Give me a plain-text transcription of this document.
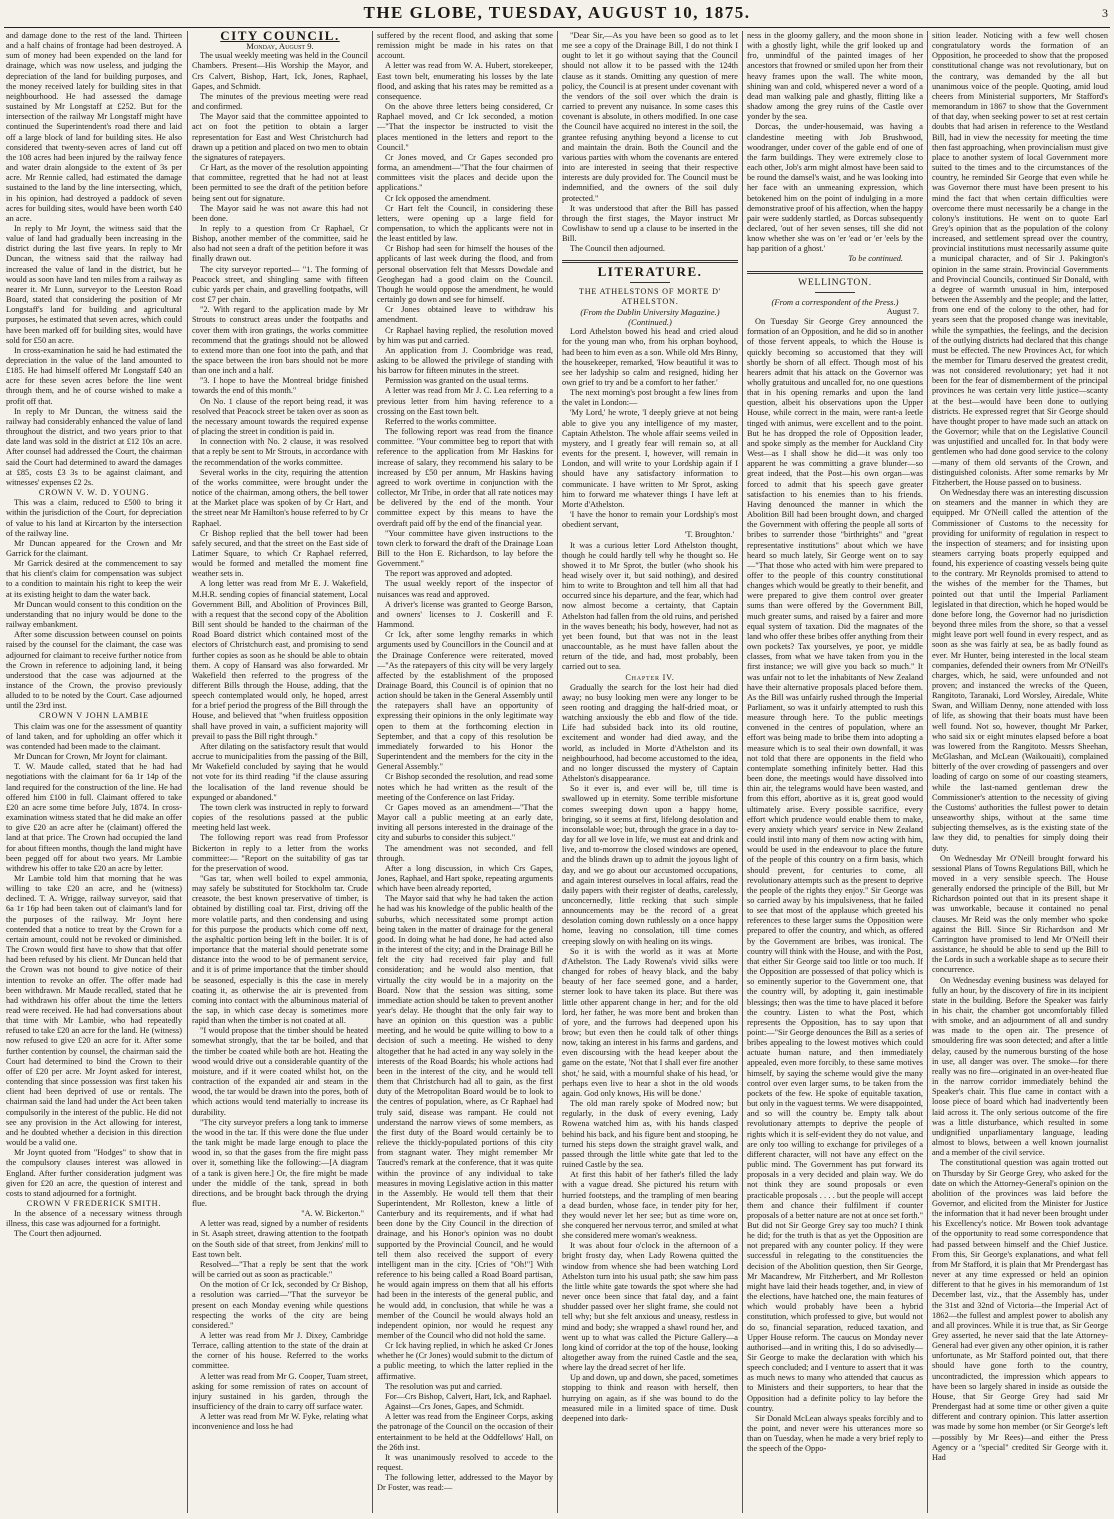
THE GLOBE, TUESDAY, AUGUST 10, 1875.	3

and damage done to the rest of the land. Thirteen and a half chains of frontage had been destroyed. A sum of money had been expended on the land for drainage, which was now useless, and judging the depreciation of the land for building purposes, and the money received lately for building sites in that neighbourhood. He had assessed the damage sustained by Mr Longstaff at £252. But for the intersection of the railway Mr Longstaff might have continued the Superintendent's road there and laid off a large block of land for building sites. He also considered that twenty-seven acres of land cut off the 108 acres had been injured by the railway fence and water drain alongside to the extent of 3s per acre. Mr Rennie called, had estimated the damage sustained to the land by the line intersecting, which, in his opinion, had destroyed a paddock of seven acres for building sites, would have been worth £40 an acre.

In reply to Mr Joynt, the witness said that the value of land had gradually been increasing in the district during the last five years. In reply to Mr Duncan, the witness said that the railway had increased the value of land in the district, but he would as soon have land ten miles from a railway as nearer it. Mr Lunn, surveyor to the Leeston Road Board, stated that considering the position of Mr Longstaff's land for building and agricultural purposes, he estimated that seven acres, which could have been marked off for building sites, would have sold for £50 an acre.

In cross-examination he said he had estimated the depreciation in the value of the land amounted to £185. He had himself offered Mr Longstaff £40 an acre for these seven acres before the line went through them, and he of course wished to make a profit off that.

In reply to Mr Duncan, the witness said the railway had considerably enhanced the value of land throughout the district, and two years prior to that date land was sold in the district at £12 10s an acre. After counsel had addressed the Court, the chairman said the Court had determined to award the damages at £85, costs £3 3s to be against claimant, and witnesses' expenses £2 2s.

CROWN V. W. D. YOUNG.

This was a claim, reduced to £500 to bring it within the jurisdiction of the Court, for depreciation of value to his land at Kircarton by the intersection of the railway line.

Mr Duncan appeared for the Crown and Mr Garrick for the claimant.

Mr Garrick desired at the commencement to say that his client's claim for compensation was subject to a condition to maintain his right to keep the weir at its existing height to dam the water back.

Mr Duncan would consent to this condition on the understanding that no injury would be done to the railway embankment.

After some discussion between counsel on points raised by the counsel for the claimant, the case was adjourned for claimant to receive further notice from the Crown in reference to adjoining land, it being understood that the case was adjourned at the instance of the Crown, the proviso previously alluded to to be noted by the Court. Case adjourned until the 23rd inst.

CROWN V JOHN LAMBIE

This claim was one for the assessment of quantity of land taken, and for upholding an offer which it was contended had been made to the claimant.

Mr Duncan for Crown, Mr Joynt for claimant.

T. W. Maude called, stated that he had had negotiations with the claimant for 6a 1r 14p of the land required for the construction of the line. He had offered him £100 in full. Claimant offered to take £20 an acre some time before July, 1874. In cross-examination witness stated that he did make an offer to give £20 an acre after he (claimant) offered the land at that price. The Crown had occupied the land for about fifteen months, though the land might have been pegged off for about two years. Mr Lambie withdrew his offer to take £20 an acre by letter.

Mr Lambie told him that morning that he was willing to take £20 an acre, and he (witness) declined. T. A. Wrigge, railway surveyor, said that 6a 1r 16p had been taken out of claimant's land for the purposes of the railway. Mr Joynt here contended that a notice to treat by the Crown for a certain amount, could not be revoked or diminished. The Crown would first have to show that that offer had been refused by his client. Mr Duncan held that the Crown was not bound to give notice of their intention to revoke an offer. The offer made had been withdrawn. Mr Maude recalled, stated that he had withdrawn his offer about the time the letters read were received. He had had conversations about that time with Mr Lambie, who had repeatedly refused to take £20 an acre for the land. He (witness) now refused to give £20 an acre for it. After some further contention by counsel, the chairman said the Court had determined to bind the Crown to their offer of £20 per acre. Mr Joynt asked for interest, contending that since possession was first taken his client had been deprived of use or rentals. The chairman said the land had under the Act been taken compulsorily in the interest of the public. He did not see any provision in the Act allowing for interest, and he doubted whether a decision in this direction would be a valid one.

Mr Joynt quoted from "Hodges" to show that in the compulsory clauses interest was allowed in England. After further consideration judgment was given for £20 an acre, the question of interest and costs to stand adjourned for a fortnight.

CROWN V FREDERICK SMITH.

In the absence of a necessary witness through illness, this case was adjourned for a fortnight.

The Court then adjourned.

CITY COUNCIL.

Monday, August 9.

The usual weekly meeting was held in the Council Chambers. Present—His Worship the Mayor, and Crs Calvert, Bishop, Hart, Ick, Jones, Raphael, Gapes, and Schmidt.

The minutes of the previous meeting were read and confirmed.

The Mayor said that the committee appointed to act on foot the petition to obtain a larger representation for East and West Christchurch had drawn up a petition and placed on two men to obtain the signatures of ratepayers.

Cr Hart, as the mover of the resolution appointing that committee, regretted that he had not at least been permitted to see the draft of the petition before being sent out for signature.

The Mayor said he was not aware this had not been done.

In reply to a question from Cr Raphael, Cr Bishop, another member of the committee, said he also had not seen a draft of the petition before it was finally drawn out.

The city surveyor reported— "1. The forming of Peacock street, and shingling same with fifteen cubic yards per chain, and gravelling footpaths, will cost £7 per chain.

"2. With regard to the application made by Mr Strouts to construct areas under the footpaths and cover them with iron gratings, the works committee recommend that the gratings should not be allowed to extend more than one foot into the path, and that the space between the iron bars should not be more than one inch and a half.

"3. I hope to have the Montreal bridge finished towards the end of this month."

On No. 1 clause of the report being read, it was resolved that Peacock street be taken over as soon as the necessary amount towards the required expense of placing the street in condition is paid in.

In connection with No. 2 clause, it was resolved that a reply be sent to Mr Strouts, in accordance with the recommendation of the works committee.

Several works in the city, requiring the attention of the works committee, were brought under the notice of the chairman, among others, the bell tower at the Market place was spoken of by Cr Hart, and the street near Mr Hamilton's house referred to by Cr Raphael.

Cr Bishop replied that the bell tower had been safely secured, and that the street on the East side of Latimer Square, to which Cr Raphael referred, would be formed and metalled the moment fine weather sets in.

A long letter was read from Mr E. J. Wakefield, M.H.R. sending copies of financial statement, Local Government Bill, and Abolition of Provinces Bill, with a request that the second copy of the Abolition Bill sent should be handed to the chairman of the Road Board district which contained most of the electors of Christchurch east, and promising to send further copies as soon as he should be able to obtain them. A copy of Hansard was also forwarded. Mr Wakefield then referred to the progress of the different Bills through the House, adding, that the speech contemplated would only, he hoped, arrest for a brief period the progress of the Bill through the House, and believed that "when fruitless opposition shall have proved in vain, a sufficient majority will prevail to pass the Bill right through."

After dilating on the satisfactory result that would accrue to municipalities from the passing of the Bill, Mr Wakefield concluded by saying that he would not vote for its third reading "if the clause assuring the localisation of the land revenue should be expunged or abandoned."

The town clerk was instructed in reply to forward copies of the resolutions passed at the public meeting held last week.

The following report was read from Professor Bickerton in reply to a letter from the works committee:— "Report on the suitability of gas tar for the preservation of wood.

"Gas tar, when well boiled to expel ammonia, may safely be substituted for Stockholm tar. Crude creasote, the best known preservative of timber, is obtained by distilling coal tar. First, driving off the more volatile parts, and then condensing and using for this purpose the products which come off next, the asphaltic portion being left in the boiler. It is of importance that the material should penetrate some distance into the wood to be of permanent service, and it is of prime importance that the timber should be seasoned, especially is this the case in merely coating it, as otherwise the air is prevented from coming into contact with the albuminous material of the sap, in which case decay is sometimes more rapid than when the timber is not coated at all.

"I would propose that the timber should be heated somewhat strongly, that the tar be boiled, and that the timber be coated while both are hot. Heating the wood would drive out a considerable quantity of the moisture, and if it were coated whilst hot, on the contraction of the expanded air and steam in the wood, the tar would be drawn into the pores, both of which actions would tend materially to increase its durability.

"The city surveyor prefers a long tank to immerse the wood in the tar. If this were done the flue under the tank might be made large enough to place the wood in, so that the gases from the fire might pass over it, something like the following:—[A diagram of a tank is given here.] Or, the fire might be made under the middle of the tank, spread in both directions, and be brought back through the drying flue.

"A. W. Bickerton."

A letter was read, signed by a number of residents in St. Asaph street, drawing attention to the footpath on the South side of that street, from Jenkins' mill to East town belt.

Resolved—"That a reply be sent that the work will be carried out as soon as practicable."

On the motion of Cr Ick, seconded by Cr Bishop, a resolution was carried—"That the surveyor be present on each Monday evening while questions respecting the works of the city are being considered."

A letter was read from Mr J. Dixey, Cambridge Terrace, calling attention to the state of the drain at the corner of his house. Referred to the works committee.

A letter was read from Mr G. Cooper, Tuam street, asking for some remission of rates on account of injury sustained in his garden, through the insufficiency of the drain to carry off surface water.

A letter was read from Mr W. Fyke, relating what inconvenience and loss he had

suffered by the recent flood, and asking that some remission might be made in his rates on that account.

A letter was read from W. A. Hubert, storekeeper, East town belt, enumerating his losses by the late flood, and asking that his rates may be remitted as a consequence.

On the above three letters being considered, Cr Raphael moved, and Cr Ick seconded, a motion—"That the inspector be instructed to visit the places mentioned in the letters and report to the Council."

Cr Jones moved, and Cr Gapes seconded pro forma, an amendment—"That the four chairmen of committees visit the places and decide upon the applications."

Cr Ick opposed the amendment.

Cr Hart felt the Council, in considering these letters, were opening up a large field for compensation, to which the applicants were not in the least entitled by law.

Cr Bishop had seen for himself the houses of the applicants of last week during the flood, and from personal observation felt that Messrs Dowdale and Geoghegan had a good claim on the Council. Though he would oppose the amendment, he would certainly go down and see for himself.

Cr Jones obtained leave to withdraw his amendment.

Cr Raphael having replied, the resolution moved by him was put and carried.

An application from J. Coombridge was read, asking to be allowed the privilege of standing with his barrow for fifteen minutes in the street.

Permission was granted on the usual terms.

A letter was read from Mr J. C. Lea referring to a previous letter from him having reference to a crossing on the East town belt.

Referred to the works committee.

The following report was read from the finance committee. "Your committee beg to report that with reference to the application from Mr Haskins for increase of salary, they recommend his salary to be increased by £50 per annum, Mr Haskins having agreed to work overtime in conjunction with the collector, Mr Tribe, in order that all rate notices may be delivered by the end of the month. Your committee expect by this means to have the overdraft paid off by the end of the financial year.

"Your committee have given instructions to the town clerk to forward the draft of the Drainage Loan Bill to the Hon E. Richardson, to lay before the Government."

The report was approved and adopted.

The usual weekly report of the inspector of nuisances was read and approved.

A driver's license was granted to George Barson, and owners' licenses to J. Coskerill and F. Hammond.

Cr Ick, after some lengthy remarks in which arguments used by Councillors in the Council and at the Drainage Conference were reiterated, moved—"As the ratepayers of this city will be very largely affected by the establishment of the proposed Drainage Board, this Council is of opinion that no action should be taken in the General Assembly until the ratepayers shall have an opportunity of expressing their opinions in the only legitimate way open to them at the forthcoming election in September, and that a copy of this resolution be immediately forwarded to his Honor the Superintendent and the members for the city in the General Assembly."

Cr Bishop seconded the resolution, and read some notes which he had written as the result of the meeting of the Conference on last Friday.

Cr Gapes moved as an amendment—"That the Mayor call a public meeting at an early date, inviting all persons interested in the drainage of the city and suburbs to consider this subject."

The amendment was not seconded, and fell through.

After a long discussion, in which Crs Gapes, Jones, Raphael, and Hart spoke, repeating arguments which have been already reported,

The Mayor said that why he had taken the action he had was his knowledge of the public health of the suburbs, which necessitated some prompt action being taken in the matter of drainage for the general good. In doing what he had done, he had acted also in the interest of the city; and in the Drainage Bill he felt the city had received fair play and full consideration; and he would also mention, that virtually the city would be in a majority on the Board. Now that the session was sitting, some immediate action should be taken to prevent another year's delay. He thought that the only fair way to have an opinion on this question was a public meeting, and he would be quite willing to bow to a decision of such a meeting. He wished to deny altogether that he had acted in any way solely in the interests of the Road Boards; his whole actions had been in the interest of the city, and he would tell them that Christchurch had all to gain, as the first duty of the Metropolitan Board would be to look to the centres of population, where, as Cr Raphael had truly said, disease was rampant. He could not understand the narrow views of some members, as the first duty of the Board would certainly be to relieve the thickly-populated portions of this city from stagnant water. They might remember Mr Taucred's remark at the conference, that it was quite within the province of any individual to take measures in moving Legislative action in this matter in the Assembly. He would tell them that their Superintendent, Mr Rolleston, knew a little of Canterbury and its requirements, and if what had been done by the City Council in the direction of drainage, and his Honor's opinion was no doubt supported by the Provincial Council, and he would tell them also received the support of every intelligent man in the city. [Cries of "Oh!"] With reference to his being called a Road Board partisan, he would again impress on them that all his efforts had been in the interests of the general public, and he would add, in conclusion, that while he was a member of the Council he would always hold an independent opinion, nor would he request any member of the Council who did not hold the same.

Cr Ick having replied, in which he asked Cr Jones whether he (Cr Jones) would submit to the dictum of a public meeting, to which the latter replied in the affirmative.

The resolution was put and carried.

For—Crs Bishop, Calvert, Hart, Ick, and Raphael.

Against—Crs Jones, Gapes, and Schmidt.

A letter was read from the Engineer Corps, asking the patronage of the Council on the occasion of their entertainment to be held at the Oddfellows' Hall, on the 26th inst.

It was unanimously resolved to accede to the request.

The following letter, addressed to the Mayor by Dr Foster, was read:—

"Dear Sir,—As you have been so good as to let me see a copy of the Drainage Bill, I do not think I ought to let it go without saying that the Council should not allow it to be passed with the 124th clause as it stands. Omitting any question of mere policy, the Council is at present under covenant with the vendors of the soil over which the drain is carried to prevent any nuisance. In some cases this covenant is absolute, in others modified. In one case the Council have acquired no interest in the soil, the grantee refusing anything beyond a license to cut and maintain the drain. Both the Council and the various parties with whom the covenants are entered into are interested in seeing that their respective interests are duly provided for. The Council must be indemnified, and the owners of the soil duly protected."

It was understood that after the Bill has passed through the first stages, the Mayor instruct Mr Cowlishaw to send up a clause to be inserted in the Bill.

The Council then adjourned.

LITERATURE.

THE ATHELSTONS OF MORTE D' ATHELSTON.

(From the Dublin University Magazine.)

(Continued.)

Lord Athelston bowed his head and cried aloud for the young man who, from his orphan boyhood, had been to him even as a son. While old Mrs Binny, the housekeeper, remarked, 'How beautiful it was to see her ladyship so calm and resigned, hiding her own grief to try and be a comfort to her father.'

The next morning's post brought a few lines from the valet in London:—

'My Lord,' he wrote, 'I deeply grieve at not being able to give you any intelligence of my master, Captain Athelston. The whole affair seems veiled in mystery, and I greatly fear will remain so, at all events for the present. I, however, will remain in London, and will write to your Lordship again if I should have any satisfactory information to communicate. I have written to Mr Sprot, asking him to forward me whatever things I have left at Morte d'Athelston.

'I have the honor to remain your Lordship's most obedient servant,

'T. Broughton.'

It was a curious letter Lord Athelston thought, though he could hardly tell why he thought so. He showed it to Mr Sprot, the butler (who shook his head wisely over it, but said nothing), and desired him to write to Broughton and tell him all that had occurred since his departure, and the fear, which had now almost become a certainty, that Captain Athelston had fallen from the old ruins, and perished in the waves beneath; his body, however, had not as yet been found, but that was not in the least unaccountable, as he must have fallen about the return of the tide, and had, most probably, been carried out to sea.

Chapter IV.

Gradually the search for the lost heir had died away; no busy looking men were any longer to be seen rooting and dragging the half-dried moat, or watching anxiously the ebb and flow of the tide. Life had subsided back into its old routine, excitement and wonder had died away, and the world, as included in Morte d'Athelston and its neighbourhood, had become accustomed to the idea, and no longer discussed the mystery of Captain Athelston's disappearance.

So it ever is, and ever will be, till time is swallowed up in eternity. Some terrible misfortune comes sweeping down upon a happy home, bringing, so it seems at first, lifelong desolation and inconsolable woe; but, through the grace in a day to-day for all we love in life, we must eat and drink and live, and to-morrow the closed windows are opened, and the blinds drawn up to admit the joyous light of day, and we go about our accustomed occupations, and again interest ourselves in local affairs, read the daily papers with their register of deaths, carelessly, unconcernedly, little recking that such simple announcements may be the record of a great desolation coming down ruthlessly on a once happy home, leaving no consolation, till time comes creeping slowly on with healing on its wings.

So it is with the world as it was at Morte d'Athelston. The Lady Rowena's vivid silks were changed for robes of heavy black, and the baby beauty of her face seemed gone, and a harder, sterner look to have taken its place. But there was little other apparent change in her; and for the old lord, her father, he was more bent and broken than of yore, and the furrows had deepened upon his brow; but even then he could talk of other things now, taking an interest in his farms and gardens, and even discoursing with the head keeper about the game on the estate, 'Not that I shall ever fire another shot,' he said, with a mournful shake of his head, 'or perhaps even live to hear a shot in the old woods again. God only knows, His will be done.'

The old man rarely spoke of Modred now; but regularly, in the dusk of every evening, Lady Rowena watched him as, with his hands clasped behind his back, and his figure bent and stooping, he turned his steps down the straight gravel walk, and passed through the little white gate that led to the ruined Castle by the sea.

At first this habit of her father's filled the lady with a vague dread. She pictured his return with hurried footsteps, and the trampling of men bearing a dead burden, whose face, in tender pity for her, they would never let her see; but as time wore on, she conquered her nervous terror, and smiled at what she considered mere woman's weakness.

It was about four o'clock in the afternoon of a bright frosty day, when Lady Rowena quitted the window from whence she had been watching Lord Athelston turn into his usual path; she saw him pass the little white gate towards the spot where she had never once been since that fatal day, and a faint shudder passed over her slight frame, she could not tell why; but she felt anxious and uneasy, restless in mind and body; she wrapped a shawl round her, and went up to what was called the Picture Gallery—a long kind of corridor at the top of the house, looking altogether away from the ruined Castle and the sea, where lay the dread secret of her life.

Up and down, up and down, she paced, sometimes stopping to think and reason with herself, then hurrying on again, as if she was bound to do the measured mile in a limited space of time. Dusk deepened into dark-

ness in the gloomy gallery, and the moon shone in with a ghostly light, while the grif looked up and fro, unmindful of the painted images of her ancestors that frowned or smiled upon her from their heavy frames upon the wall. The white moon, shining wan and cold, whispered never a word of a dead man walking pale and ghastly, flitting like a shadow among the grey ruins of the Castle over yonder by the sea.

Dorcas, the under-housemaid, was having a clandestine meeting with Job Brushwood, woodranger, under cover of the gable end of one of the farm buildings. They were extremely close to each other, Job's arm might almost have been said to be round the damsel's waist, and he was looking into her face with an unmeaning expression, which betokened him on the point of indulging in a more demonstrative proof of his affection, when the happy pair were suddenly startled, as Dorcas subsequently declared, 'out of her seven senses, till she did not know whether she was on 'er 'ead or 'er 'eels by the hap parition of a ghost.'

To be continued.

WELLINGTON.

(From a correspondent of the Press.)

August 7.

On Tuesday Sir George Grey announced the formation of an Opposition, and he did so in another of those fervent appeals, to which the House is quickly becoming so accustomed that they will shortly be shorn of all effect. Though most of his hearers admit that his attack on the Governor was wholly gratuitous and uncalled for, no one questions that in his opening remarks and upon the land question, albeit his observations upon the Upper House, while correct in the main, were rant-a leetle tinged with animus, were excellent and to the point. But he has dropped the role of Opposition leader, and spoke simply as the member for Auckland City West—as I shall show he did—it was only too apparent he was committing a grave blunder—so great indeed, that the Post—his own organ—was forced to admit that his speech gave greater satisfaction to his enemies than to his friends. Having denounced the manner in which the Abolition Bill had been brought down, and charged the Government with offering the people all sorts of bribes to surrender those "birthrights" and "great representative institutions" about which we have heard so much lately, Sir George went on to say—"That those who acted with him were prepared to offer to the people of this country constitutional changes which would be greatly to their benefit, and were prepared to give them control over greater sums than were offered by the Government Bill, much greater sums, and raised by a fairer and more equal system of taxation. Did the magnates of the land who offer these bribes offer anything from their own pockets? Tax yourselves, ye poor, ye middle classes, from what we have taken from you in the first instance; we will give you back so much." It was unfair not to let the inhabitants of New Zealand have their alternative proposals placed before them. As the Bill was unfairly rushed through the Imperial Parliament, so was it unfairly attempted to rush this measure through here. To the public meetings convened in the centres of population, where an effort was being made to bribe them into adopting a measure which is to seal their own downfall, it was not told that there are opponents in the field who contemplate something infinitely better. Had this been done, the meetings would have dissolved into thin air, the telegrams would have been wasted, and from this effort, abortive as it is, great good would ultimately arise. Every possible sacrifice, every effort which prudence would enable them to make, every anxiety which years' service in New Zealand could instil into many of them now acting with him, would be used in the endeavour to place the future of the people of this country on a firm basis, which should prevent, for centuries to come, all revolutionary attempts such as the present to deprive the people of the rights they enjoy." Sir George was so carried away by his impulsiveness, that he failed to see that most of the applause which greeted his references to these larger sums the Opposition were prepared to offer the country, and which, as offered by the Government are bribes, was ironical. The country will think with the House, and with the Post, that either Sir George said too little or too much. If the Opposition are possessed of that policy which is so eminently superior to the Government one, that the country will, by adopting it, gain inestimable blessings; then was the time to have placed it before the country. Listen to what the Post, which represents the Opposition, has to say upon that point:—"Sir George denounces the Bill as a series of bribes appealing to the lowest motives which could actuate human nature, and then immediately appealed, even more forcibly, to these same motives himself, by saying the scheme would give the many control over even larger sums, to be taken from the pockets of the few. He spoke of equitable taxation, but only in the vaguest terms. We were disappointed, and so will the country be. Empty talk about revolutionary attempts to deprive the people of rights which it is self-evident they do not value, and are only too willing to exchange for privileges of a different character, will not have any effect on the public mind. The Government has put forward its proposals in a very decided and plain way. We do not think they are sound proposals or even practicable proposals . . . . but the people will accept them and chance their fulfilment if counter proposals of a better nature are not at once set forth." But did not Sir George Grey say too much? I think he did; for the truth is that as yet the Opposition are not prepared with any counter policy. If they were successful in relegating to the constituencies the decision of the Abolition question, then Sir George, Mr Macandrew, Mr Fitzherbert, and Mr Rolleston might have laid their heads together, and, in view of the elections, have hatched one, the main features of which would probably have been a hybrid constitution, which professed to give, but would not do so, financial separation, reduced taxation, and Upper House reform. The caucus on Monday never authorised—and in writing this, I do so advisedly—Sir George to make the declaration with which his speech concluded; and I venture to assert that it was as much news to many who attended that caucus as to Ministers and their supporters, to hear that the Opposition had a definite policy to lay before the country.

Sir Donald McLean always speaks forcibly and to the point, and never were his utterances more so than on Tuesday, when he made a very brief reply to the speech of the Oppo-

sition leader. Noticing with a few well chosen congratulatory words the formation of an Opposition, he proceeded to show that the proposed constitutional change was not revolutionary, but on the contrary, was demanded by the all but unanimous voice of the people. Quoting, amid loud cheers from Ministerial supporters, Mr Stafford's memorandum in 1867 to show that the Government of that day, when seeking power to set at rest certain doubts that had arisen in reference to the Westland Bill, had in view the necessity for meeting the time then fast approaching, when provincialism must give place to another system of local Government more suited to the times and to the circumstances of the country, he reminded Sir George that even while he was Governor there must have been present to his mind the fact that when certain difficulties were overcome there must necessarily be a change in the colony's institutions. He went on to quote Earl Grey's opinion that as the population of the colony increased, and settlement spread over the country, provincial institutions must necessarily assume quite a municipal character, and of Sir J. Pakington's opinion in the same strain. Provincial Governments and Provincial Councils, continued Sir Donald, with a degree of warmth unusual in him, interposed between the Assembly and the people; and the latter, from one end of the colony to the other, had for years seen that the proposed change was inevitable, while the sympathies, the feelings, and the decision of the outlying districts had declared that this change must be effected. The new Provinces Act, for which the member for Timaru deserved the greatest credit, was not considered revolutionary; yet had it not been for the fear of dismemberment of the principal provinces he was certain very little justice—scanty at the best—would have been done to outlying districts. He expressed regret that Sir George should have thought proper to have made such an attack on the Governor; while that on the Legislative Council was unjustified and uncalled for. In that body were gentlemen who had done good service to the colony—many of them old servants of the Crown, and distinguished colonists. After some remarks by Mr Fitzherbert, the House passed on to business.

On Wednesday there was an interesting discussion on steamers and the manner in which they are equipped. Mr O'Neill called the attention of the Commissioner of Customs to the necessity for providing for uniformity of regulation in respect to the inspection of steamers; and for insisting upon steamers carrying boats properly equipped and found, his experience of coasting vessels being quite to the contrary. Mr Reynolds promised to attend to the wishes of the member for the Thames, but pointed out that until the Imperial Parliament legislated in that direction, which he hoped would be done before long, the Governor had no jurisdiction beyond three miles from the shore, so that a vessel might leave port well found in every respect, and as soon as she was fairly at sea, be as badly found as ever. Mr Hunter, being interested in the local steam companies, defended their owners from Mr O'Neill's charges, which, he said, were unfounded and not proven; and instanced the wrecks of the Queen, Rangitoto, Taranaki, Lord Worsley, Airedale, White Swan, and William Denny, none attended with loss of life, as showing that their boats must have been well found. Not so, however, thought Mr Parker, who said six or eight minutes elapsed before a boat was lowered from the Rangitoto. Messrs Sheehan, McGlashan, and McLean (Waikouaiti), complained bitterly of the over crowding of passengers and over loading of cargo on some of our coasting steamers, while the last-named gentleman drew the Commissioner's attention to the necessity of giving the Customs' authorities the fullest power to detain unseaworthy ships, without at the same time subjecting themselves, as is the existing state of the law they did, to penalties for simply doing their duty.

On Wednesday Mr O'Neill brought forward his sessional Plans of Towns Regulations Bill, which he moved in a very sensible speech. The House generally endorsed the principle of the Bill, but Mr Richardson pointed out that in its present shape it was unworkable, because it contained no penal clauses. Mr Reid was the only member who spoke against the Bill. Since Sir Richardson and Mr Carrington have promised to lend Mr O'Neill their assistance, he should be able to send up the Bill to the Lords in such a workable shape as to secure their concurrence.

On Wednesday evening business was delayed for fully an hour, by the discovery of fire in its incipient state in the building. Before the Speaker was fairly in his chair, the chamber got uncomfortably filled with smoke, and an adjournment of all and sundry was made to the open air. The presence of smouldering fire was soon detected; and after a little delay, caused by the numerous bursting of the hose in use, all danger was over. The smoke—for there really was no fire—originated in an over-heated flue in the narrow corridor immediately behind the Speaker's chair. This flue came in contact with a loose piece of board which had inadvertently been laid across it. The only serious outcome of the fire was a little disturbance, which resulted in some undignified unparliamentary language, leading almost to blows, between a well known journalist and a member of the civil service.

The constitutional question was again trotted out on Thursday by Sir George Grey, who asked for the date on which the Attorney-General's opinion on the abolition of the provinces was laid before the Governor, and elicited from the Minister for Justice the information that it had never been brought under his Excellency's notice. Mr Bowen took advantage of the opportunity to read some correspondence that had passed between himself and the Chief Justice. From this, Sir George's explanations, and what fell from Mr Stafford, it is plain that Mr Prendergast has never at any time expressed or held an opinion different to that he gives in his memorandum of 1st December last, viz., that the Assembly has, under the 31st and 32nd of Victoria—the Imperial Act of 1862—the fullest and amplest power to abolish any and all provinces. While it is true that, as Sir George Grey asserted, he never said that the late Attorney-General had ever given any other opinion, it is rather unfortunate, as Mr Stafford pointed out, that there should have gone forth to the country, uncontradicted, the impression which appears to have been so largely shared in inside as outside the House, that Sir George Grey had said Mr Prendergast had at some time or other given a quite different and contrary opinion. This latter assertion was made by some hon member (or Sir George's left—possibly by Mr Rees)—and either the Press Agency or a "special" credited Sir George with it. Had
